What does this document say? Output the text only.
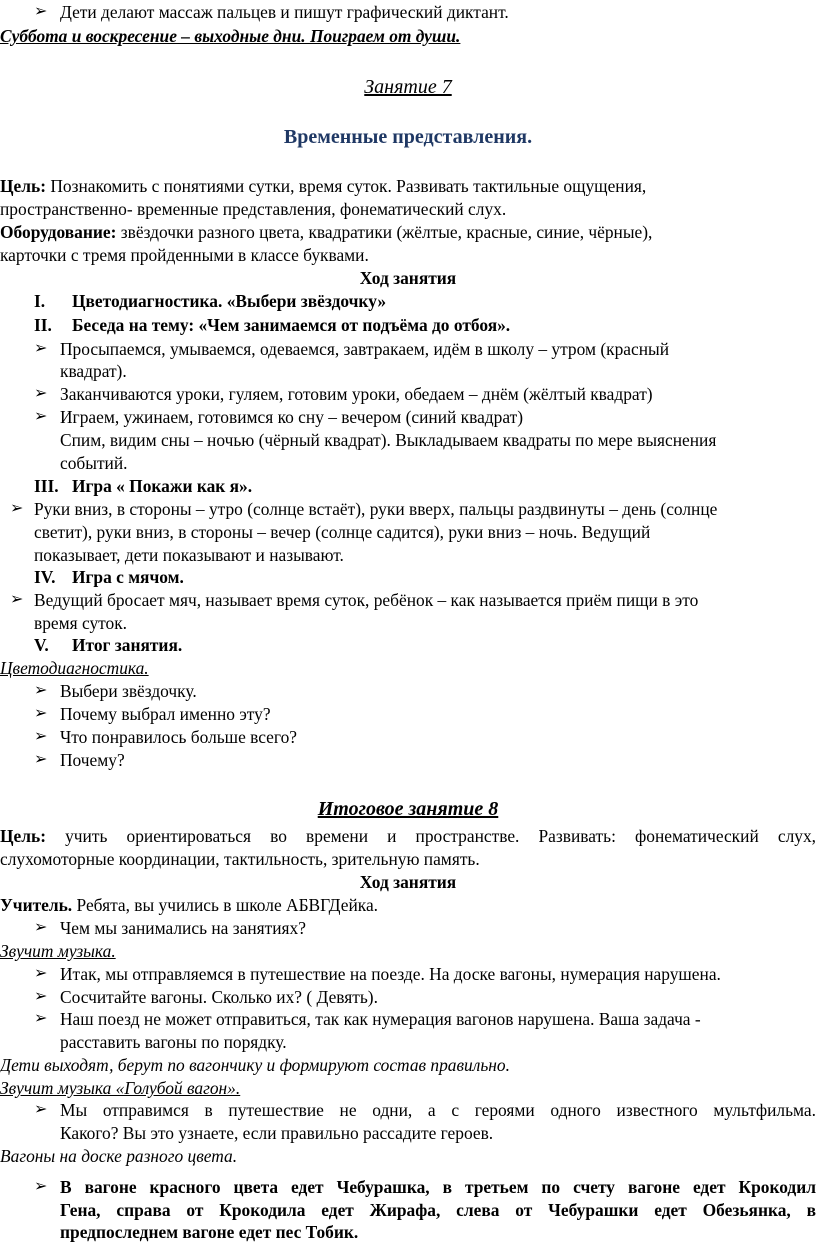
➢ Дети делают массаж пальцев и пишут графический диктант.
Суббота и воскресение – выходные дни. Поиграем от души.
Занятие 7
Временные представления.
Цель: Познакомить с понятиями сутки, время суток. Развивать тактильные ощущения,
пространственно- временные представления, фонематический слух.
Оборудование: звёздочки разного цвета, квадратики (жёлтые, красные, синие, чёрные),
карточки с тремя пройденными в классе буквами.
Ход занятия
I. Цветодиагностика. «Выбери звёздочку»
II. Беседа на тему: «Чем занимаемся от подъёма до отбоя».
➢ Просыпаемся, умываемся, одеваемся, завтракаем, идём в школу – утром (красный
квадрат).
➢ Заканчиваются уроки, гуляем, готовим уроки, обедаем – днём (жёлтый квадрат)
➢ Играем, ужинаем, готовимся ко сну – вечером (синий квадрат)
Спим, видим сны – ночью (чёрный квадрат). Выкладываем квадраты по мере выяснения
событий.
III. Игра « Покажи как я».
➢ Руки вниз, в стороны – утро (солнце встаёт), руки вверх, пальцы раздвинуты – день (солнце
светит), руки вниз, в стороны – вечер (солнце садится), руки вниз – ночь. Ведущий
показывает, дети показывают и называют.
IV. Игра с мячом.
➢ Ведущий бросает мяч, называет время суток, ребёнок – как называется приём пищи в это
время суток.
V. Итог занятия.
Цветодиагностика.
➢ Выбери звёздочку.
➢ Почему выбрал именно эту?
➢ Что понравилось больше всего?
➢ Почему?
Итоговое занятие 8
Цель: учить ориентироваться во времени и пространстве. Развивать: фонематический слух,
слухомоторные координации, тактильность, зрительную память.
Ход занятия
Учитель. Ребята, вы учились в школе АБВГДейка.
➢ Чем мы занимались на занятиях?
Звучит музыка.
➢ Итак, мы отправляемся в путешествие на поезде. На доске вагоны, нумерация нарушена.
➢ Сосчитайте вагоны. Сколько их? ( Девять).
➢ Наш поезд не может отправиться, так как нумерация вагонов нарушена. Ваша задача -
расставить вагоны по порядку.
Дети выходят, берут по вагончику и формируют состав правильно.
Звучит музыка «Голубой вагон».
➢ Мы отправимся в путешествие не одни, а с героями одного известного мультфильма.
Какого? Вы это узнаете, если правильно рассадите героев.
Вагоны на доске разного цвета.
➢ В вагоне красного цвета едет Чебурашка, в третьем по счету вагоне едет Крокодил
Гена, справа от Крокодила едет Жирафа, слева от Чебурашки едет Обезьянка, в
предпоследнем вагоне едет пес Тобик.
